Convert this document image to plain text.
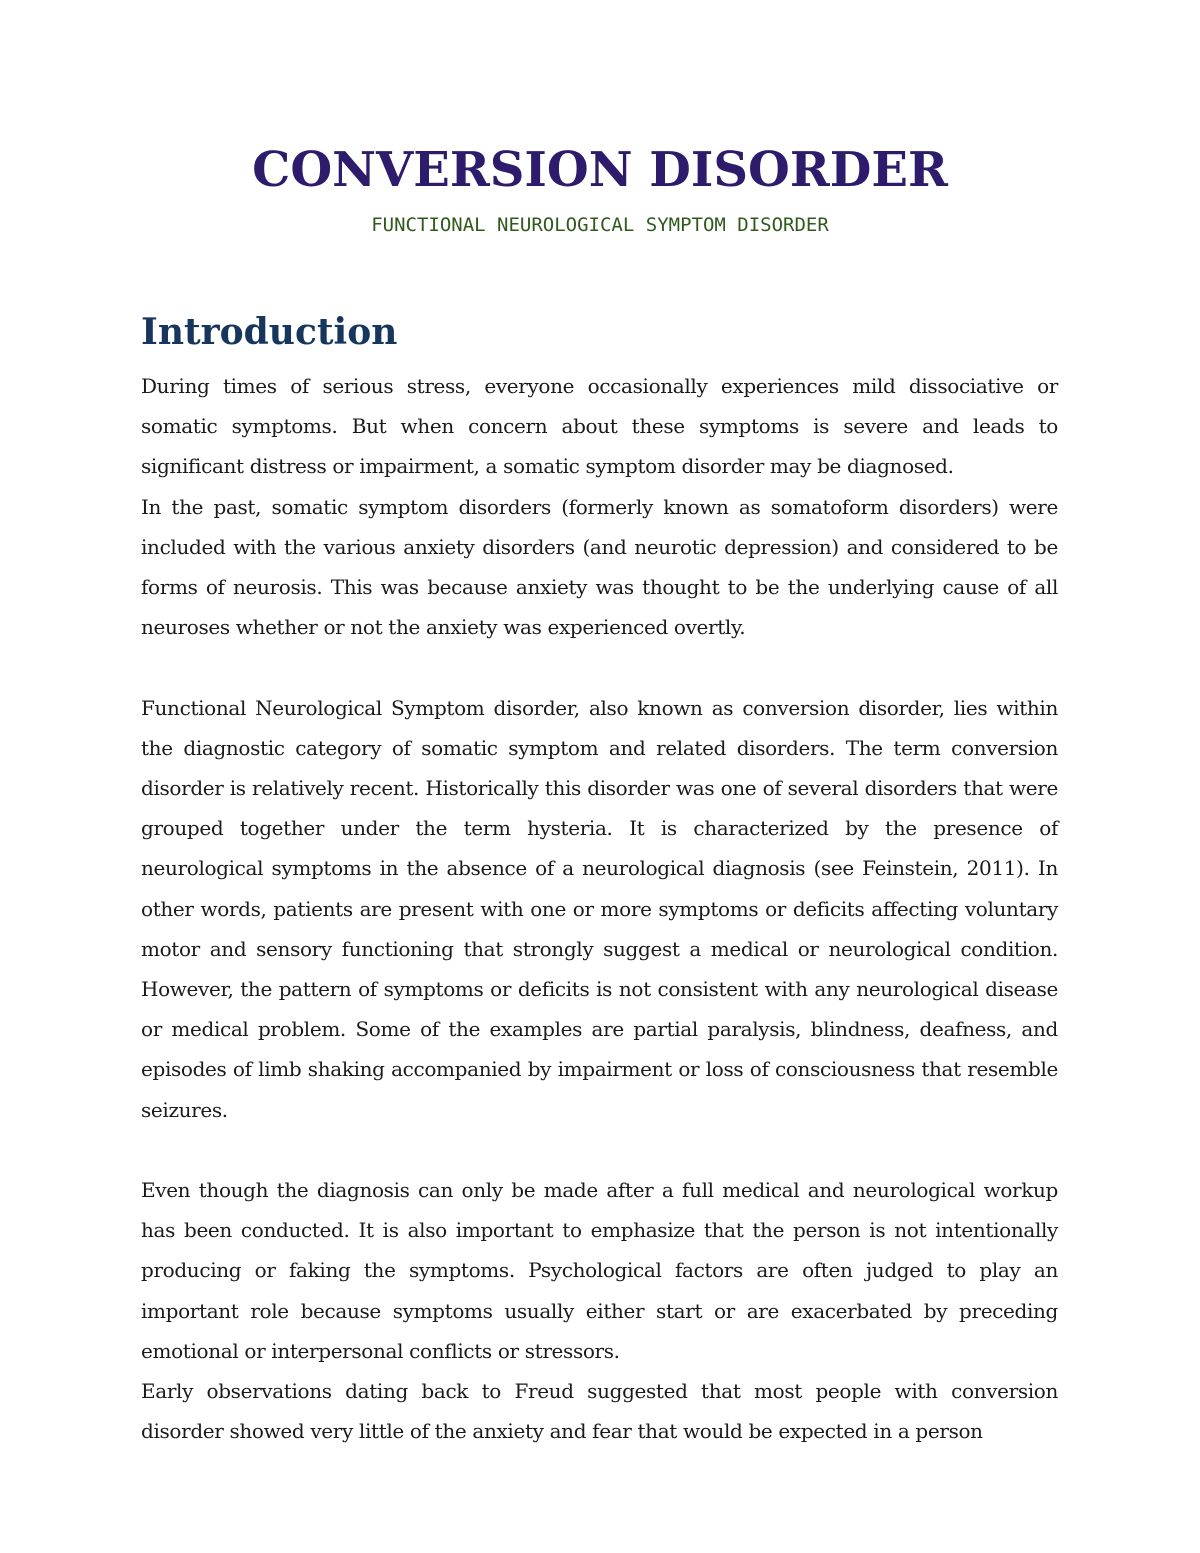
CONVERSION DISORDER
FUNCTIONAL NEUROLOGICAL SYMPTOM DISORDER
Introduction

During times of serious stress, everyone occasionally experiences mild dissociative or somatic symptoms. But when concern about these symptoms is severe and leads to significant distress or impairment, a somatic symptom disorder may be diagnosed.

In the past, somatic symptom disorders (formerly known as somatoform disorders) were included with the various anxiety disorders (and neurotic depression) and considered to be forms of neurosis. This was because anxiety was thought to be the underlying cause of all neuroses whether or not the anxiety was experienced overtly.

Functional Neurological Symptom disorder, also known as conversion disorder, lies within the diagnostic category of somatic symptom and related disorders. The term conversion disorder is relatively recent. Historically this disorder was one of several disorders that were grouped together under the term hysteria. It is characterized by the presence of neurological symptoms in the absence of a neurological diagnosis (see Feinstein, 2011). In other words, patients are present with one or more symptoms or deficits affecting voluntary motor and sensory functioning that strongly suggest a medical or neurological condition. However, the pattern of symptoms or deficits is not consistent with any neurological disease or medical problem. Some of the examples are partial paralysis, blindness, deafness, and episodes of limb shaking accompanied by impairment or loss of consciousness that resemble seizures.

Even though the diagnosis can only be made after a full medical and neurological workup has been conducted. It is also important to emphasize that the person is not intentionally producing or faking the symptoms. Psychological factors are often judged to play an important role because symptoms usually either start or are exacerbated by preceding emotional or interpersonal conflicts or stressors.

Early observations dating back to Freud suggested that most people with conversion disorder showed very little of the anxiety and fear that would be expected in a person
